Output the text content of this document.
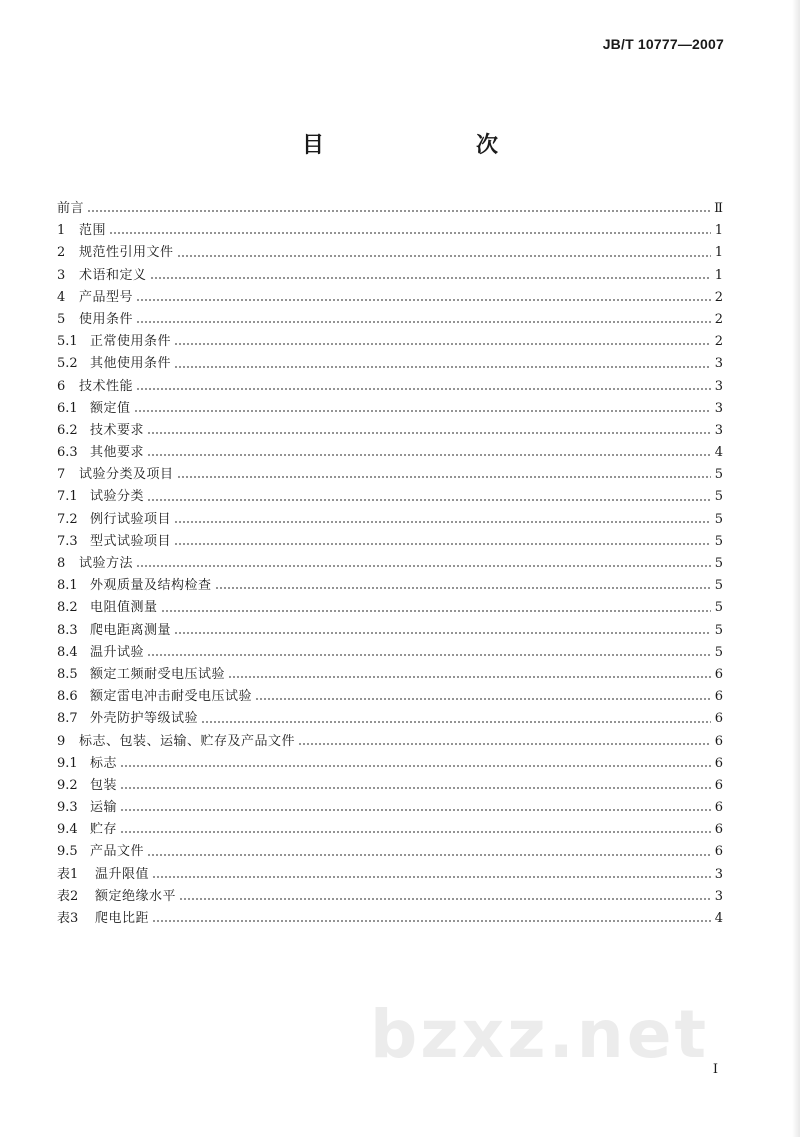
JB/T 10777—2007
目　　次
前言	Ⅱ
1	范围	1
2	规范性引用文件	1
3	术语和定义	1
4	产品型号	2
5	使用条件	2
5.1 正常使用条件	2
5.2 其他使用条件	3
6	技术性能	3
6.1 额定值	3
6.2 技术要求	3
6.3 其他要求	4
7	试验分类及项目	5
7.1 试验分类	5
7.2 例行试验项目	5
7.3 型式试验项目	5
8	试验方法	5
8.1 外观质量及结构检查	5
8.2 电阻值测量	5
8.3 爬电距离测量	5
8.4 温升试验	5
8.5 额定工频耐受电压试验	6
8.6 额定雷电冲击耐受电压试验	6
8.7 外壳防护等级试验	6
9	标志、包装、运输、贮存及产品文件	6
9.1 标志	6
9.2 包装	6
9.3 运输	6
9.4 贮存	6
9.5 产品文件	6
表1	温升限值	3
表2	额定绝缘水平	3
表3	爬电比距	4
bzxz.net I
